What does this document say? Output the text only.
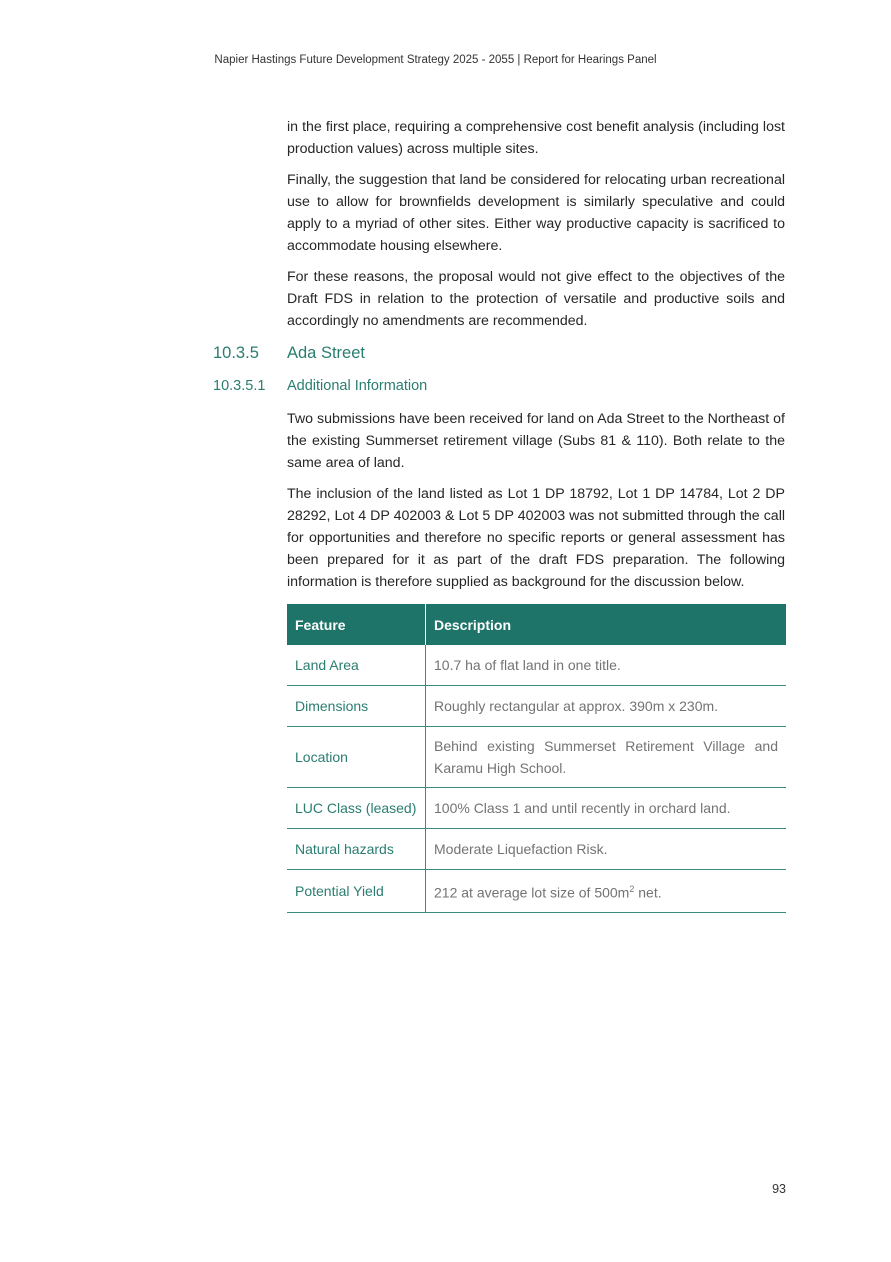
Napier Hastings Future Development Strategy 2025 - 2055 | Report for Hearings Panel

in the first place, requiring a comprehensive cost benefit analysis (including lost production values) across multiple sites.

Finally, the suggestion that land be considered for relocating urban recreational use to allow for brownfields development is similarly speculative and could apply to a myriad of other sites. Either way productive capacity is sacrificed to accommodate housing elsewhere.

For these reasons, the proposal would not give effect to the objectives of the Draft FDS in relation to the protection of versatile and productive soils and accordingly no amendments are recommended.

10.3.5 Ada Street
10.3.5.1 Additional Information

Two submissions have been received for land on Ada Street to the Northeast of the existing Summerset retirement village (Subs 81 & 110). Both relate to the same area of land.

The inclusion of the land listed as Lot 1 DP 18792, Lot 1 DP 14784, Lot 2 DP 28292, Lot 4 DP 402003 & Lot 5 DP 402003 was not submitted through the call for opportunities and therefore no specific reports or general assessment has been prepared for it as part of the draft FDS preparation. The following information is therefore supplied as background for the discussion below.

Feature	Description
Land Area	10.7 ha of flat land in one title.
Dimensions	Roughly rectangular at approx. 390m x 230m.
Location	Behind existing Summerset Retirement Village and Karamu High School.
LUC Class (leased)	100% Class 1 and until recently in orchard land.
Natural hazards	Moderate Liquefaction Risk.
Potential Yield	212 at average lot size of $500m^2$ net.
93
